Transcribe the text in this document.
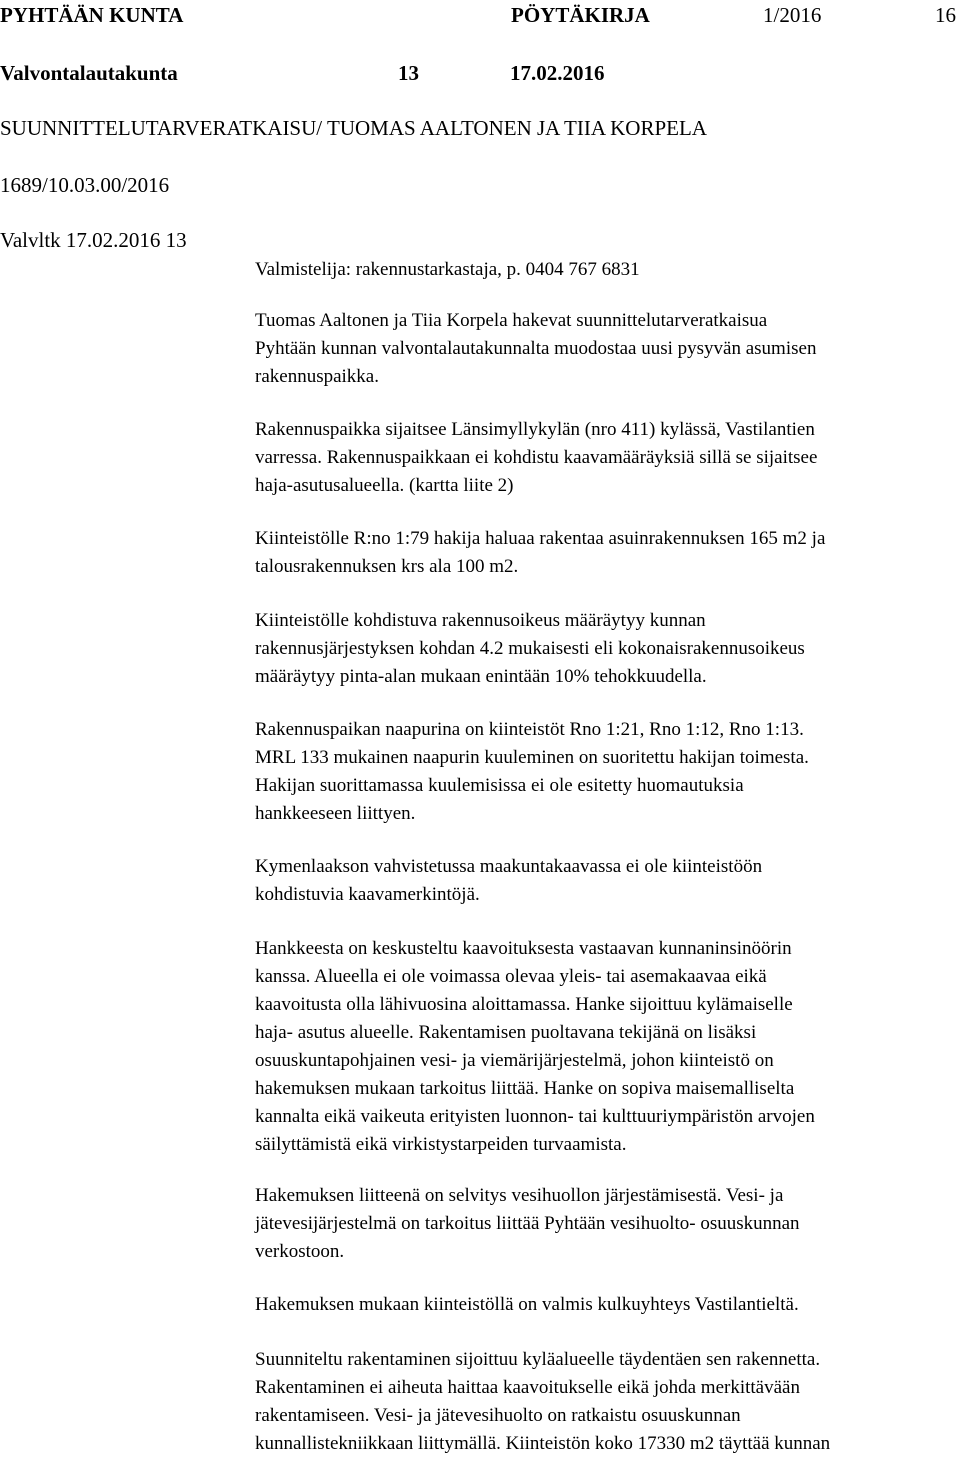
PYHTÄÄN KUNTA	PÖYTÄKIRJA	1/2016	16
Valvontalautakunta	13	17.02.2016
SUUNNITTELUTARVERATKAISU/ TUOMAS AALTONEN JA TIIA KORPELA
1689/10.03.00/2016
Valvltk 17.02.2016 13
Valmistelija: rakennustarkastaja, p. 0404 767 6831
Tuomas Aaltonen ja Tiia Korpela hakevat suunnittelutarveratkaisua
Pyhtään kunnan valvontalautakunnalta muodostaa uusi pysyvän asumisen
rakennuspaikka.
Rakennuspaikka sijaitsee Länsimyllykylän (nro 411) kylässä, Vastilantien
varressa. Rakennuspaikkaan ei kohdistu kaavamääräyksiä sillä se sijaitsee
haja-asutusalueella. (kartta liite 2)
Kiinteistölle R:no 1:79 hakija haluaa rakentaa asuinrakennuksen 165 m2 ja
talousrakennuksen krs ala 100 m2.
Kiinteistölle kohdistuva rakennusoikeus määräytyy kunnan
rakennusjärjestyksen kohdan 4.2 mukaisesti eli kokonaisrakennusoikeus
määräytyy pinta-alan mukaan enintään 10% tehokkuudella.
Rakennuspaikan naapurina on kiinteistöt Rno 1:21, Rno 1:12, Rno 1:13.
MRL 133 mukainen naapurin kuuleminen on suoritettu hakijan toimesta.
Hakijan suorittamassa kuulemisissa ei ole esitetty huomautuksia
hankkeeseen liittyen.
Kymenlaakson vahvistetussa maakuntakaavassa ei ole kiinteistöön
kohdistuvia kaavamerkintöjä.
Hankkeesta on keskusteltu kaavoituksesta vastaavan kunnaninsinöörin
kanssa. Alueella ei ole voimassa olevaa yleis- tai asemakaavaa eikä
kaavoitusta olla lähivuosina aloittamassa. Hanke sijoittuu kylämaiselle
haja- asutus alueelle. Rakentamisen puoltavana tekijänä on lisäksi
osuuskuntapohjainen vesi- ja viemärijärjestelmä, johon kiinteistö on
hakemuksen mukaan tarkoitus liittää. Hanke on sopiva maisemalliselta
kannalta eikä vaikeuta erityisten luonnon- tai kulttuuriympäristön arvojen
säilyttämistä eikä virkistystarpeiden turvaamista.
Hakemuksen liitteenä on selvitys vesihuollon järjestämisestä. Vesi- ja
jätevesijärjestelmä on tarkoitus liittää Pyhtään vesihuolto- osuuskunnan
verkostoon.
Hakemuksen mukaan kiinteistöllä on valmis kulkuyhteys Vastilantieltä.
Suunniteltu rakentaminen sijoittuu kyläalueelle täydentäen sen rakennetta.
Rakentaminen ei aiheuta haittaa kaavoitukselle eikä johda merkittävään
rakentamiseen. Vesi- ja jätevesihuolto on ratkaistu osuuskunnan
kunnallistekniikkaan liittymällä. Kiinteistön koko 17330 m2 täyttää kunnan
